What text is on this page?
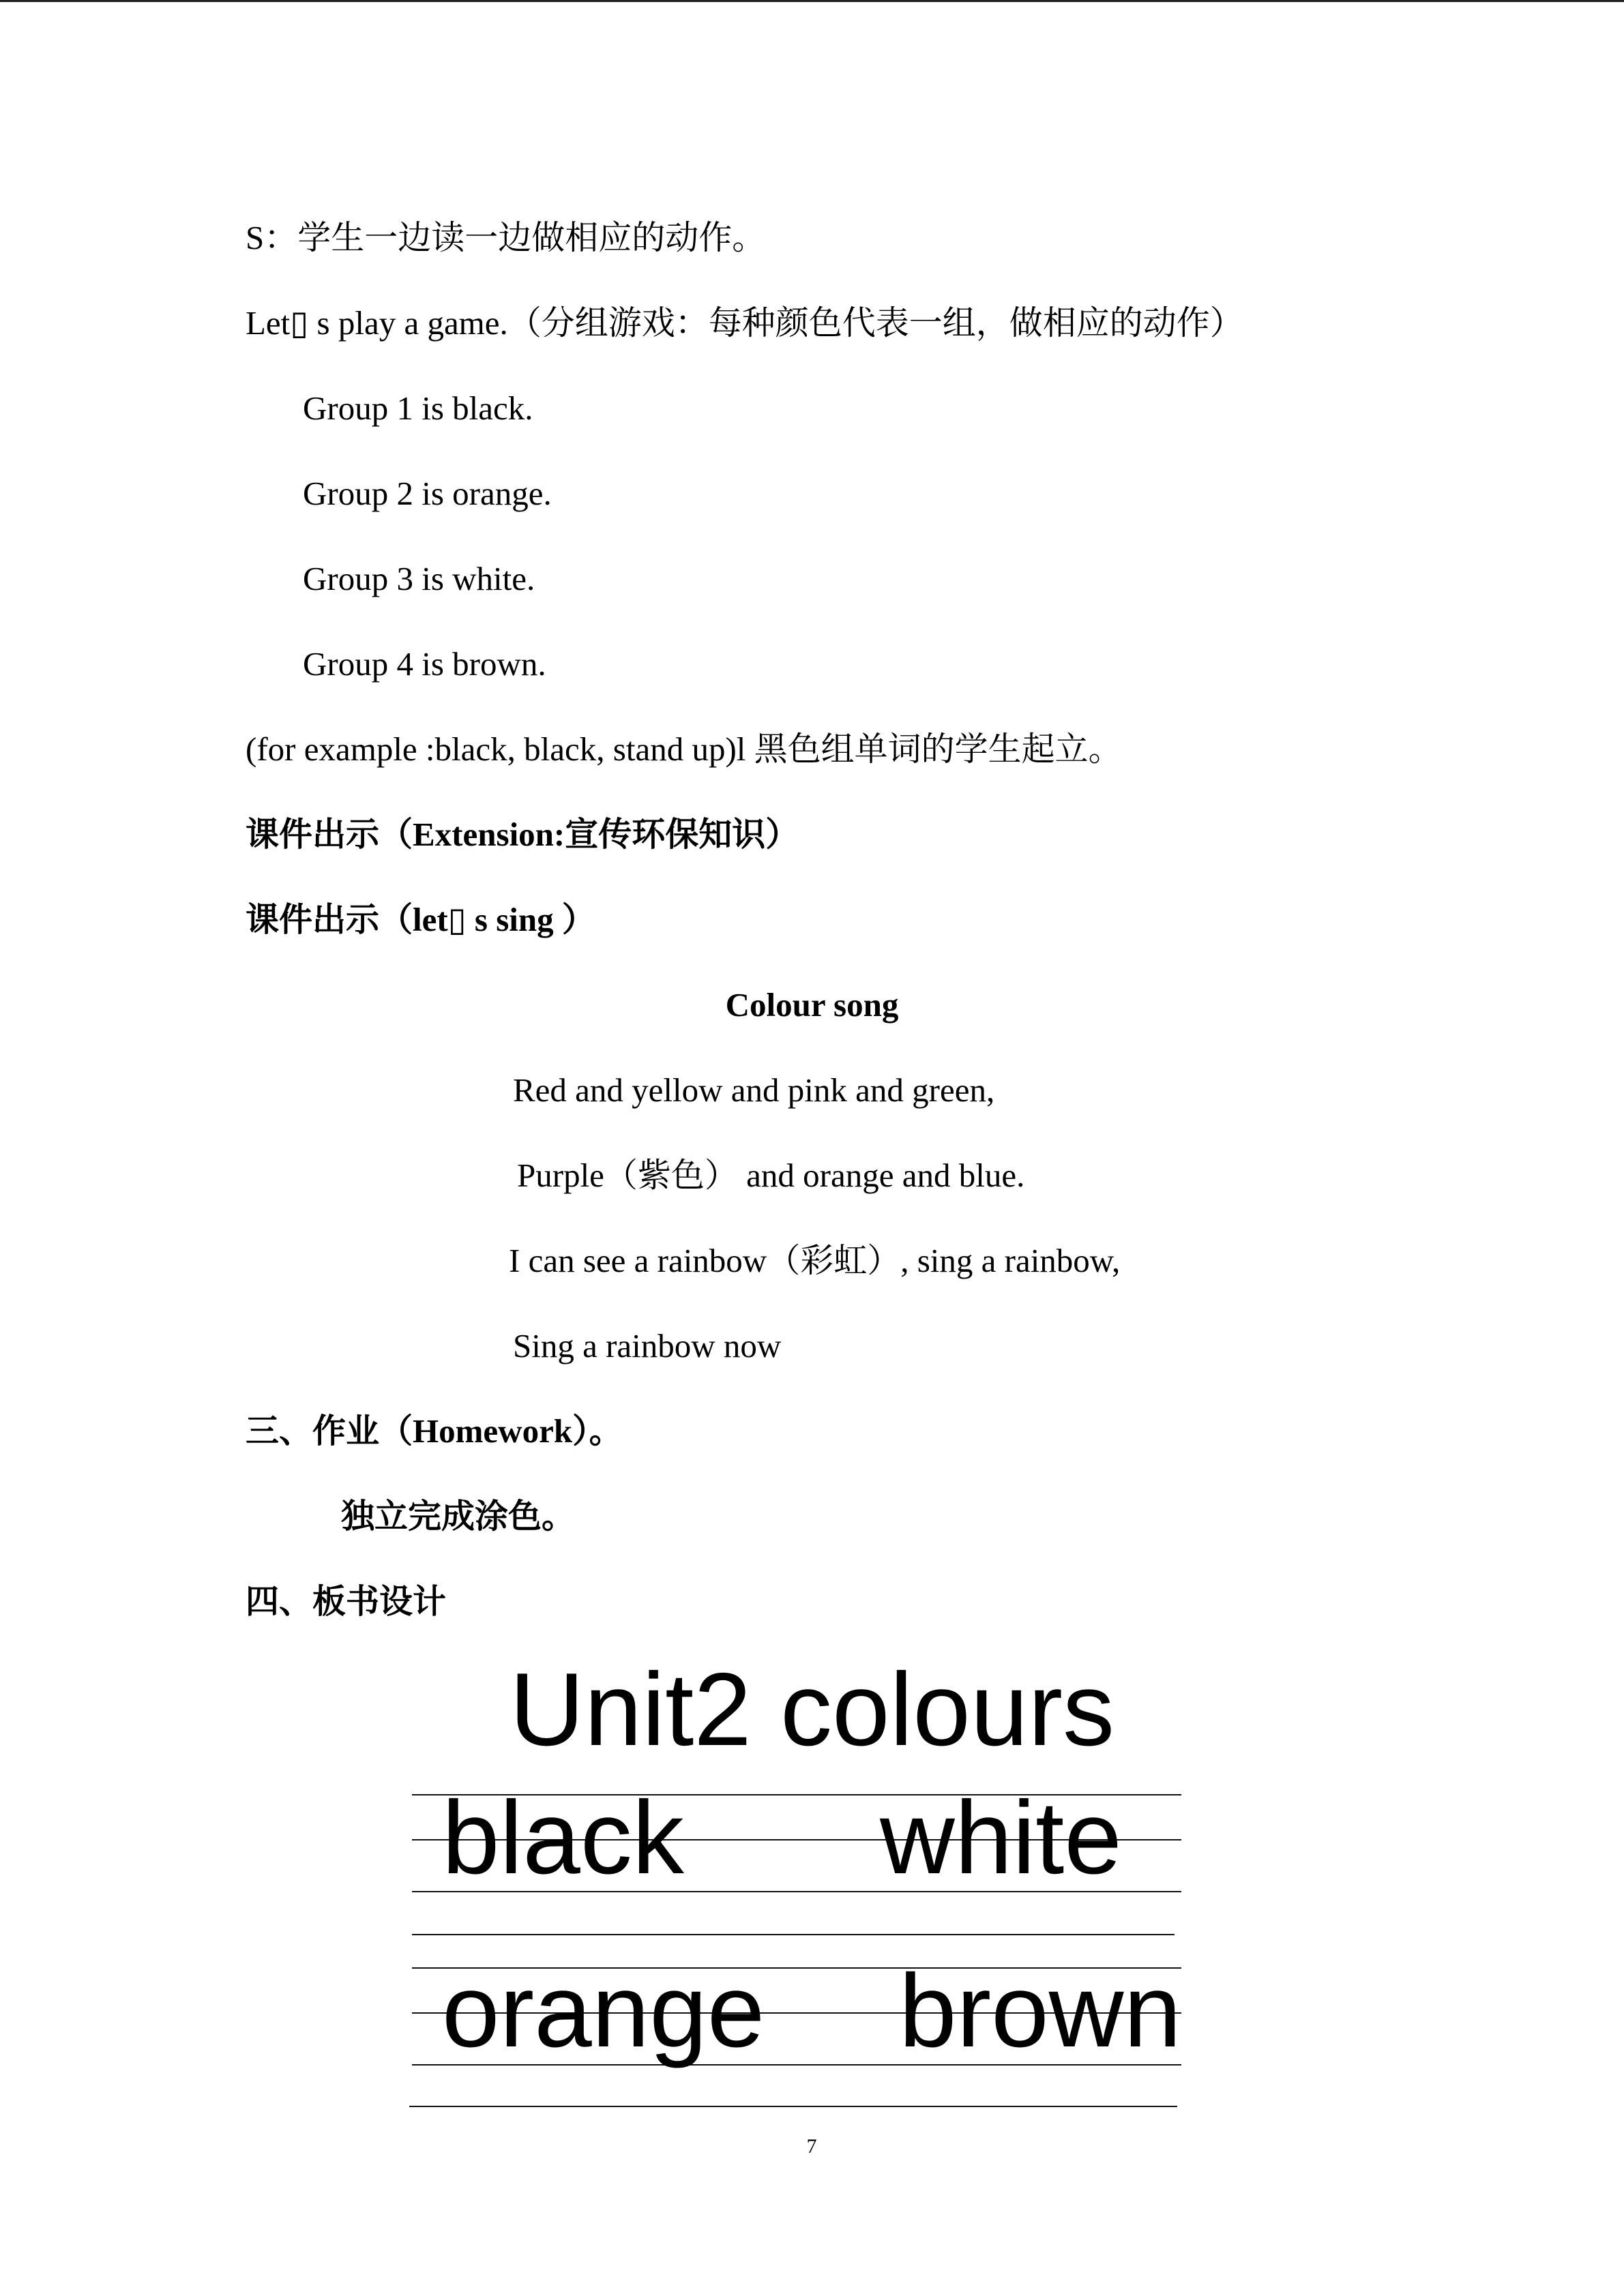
S：学生一边读一边做相应的动作。
Let▯ s play a game.（分组游戏：每种颜色代表一组，做相应的动作）
Group 1 is black.
Group 2 is orange.
Group 3 is white.
Group 4 is brown.
(for example :black, black, stand up)l 黑色组单词的学生起立。
课件出示（Extension:宣传环保知识）
课件出示（let▯ s sing ）
Colour song
Red and yellow and pink and green,
Purple（紫色） and orange and blue.
I can see a rainbow（彩虹）, sing a rainbow,
Sing a rainbow now
三、作业（Homework）。
独立完成涂色。
四、板书设计
Unit2 colours
black white
orange brown
7
